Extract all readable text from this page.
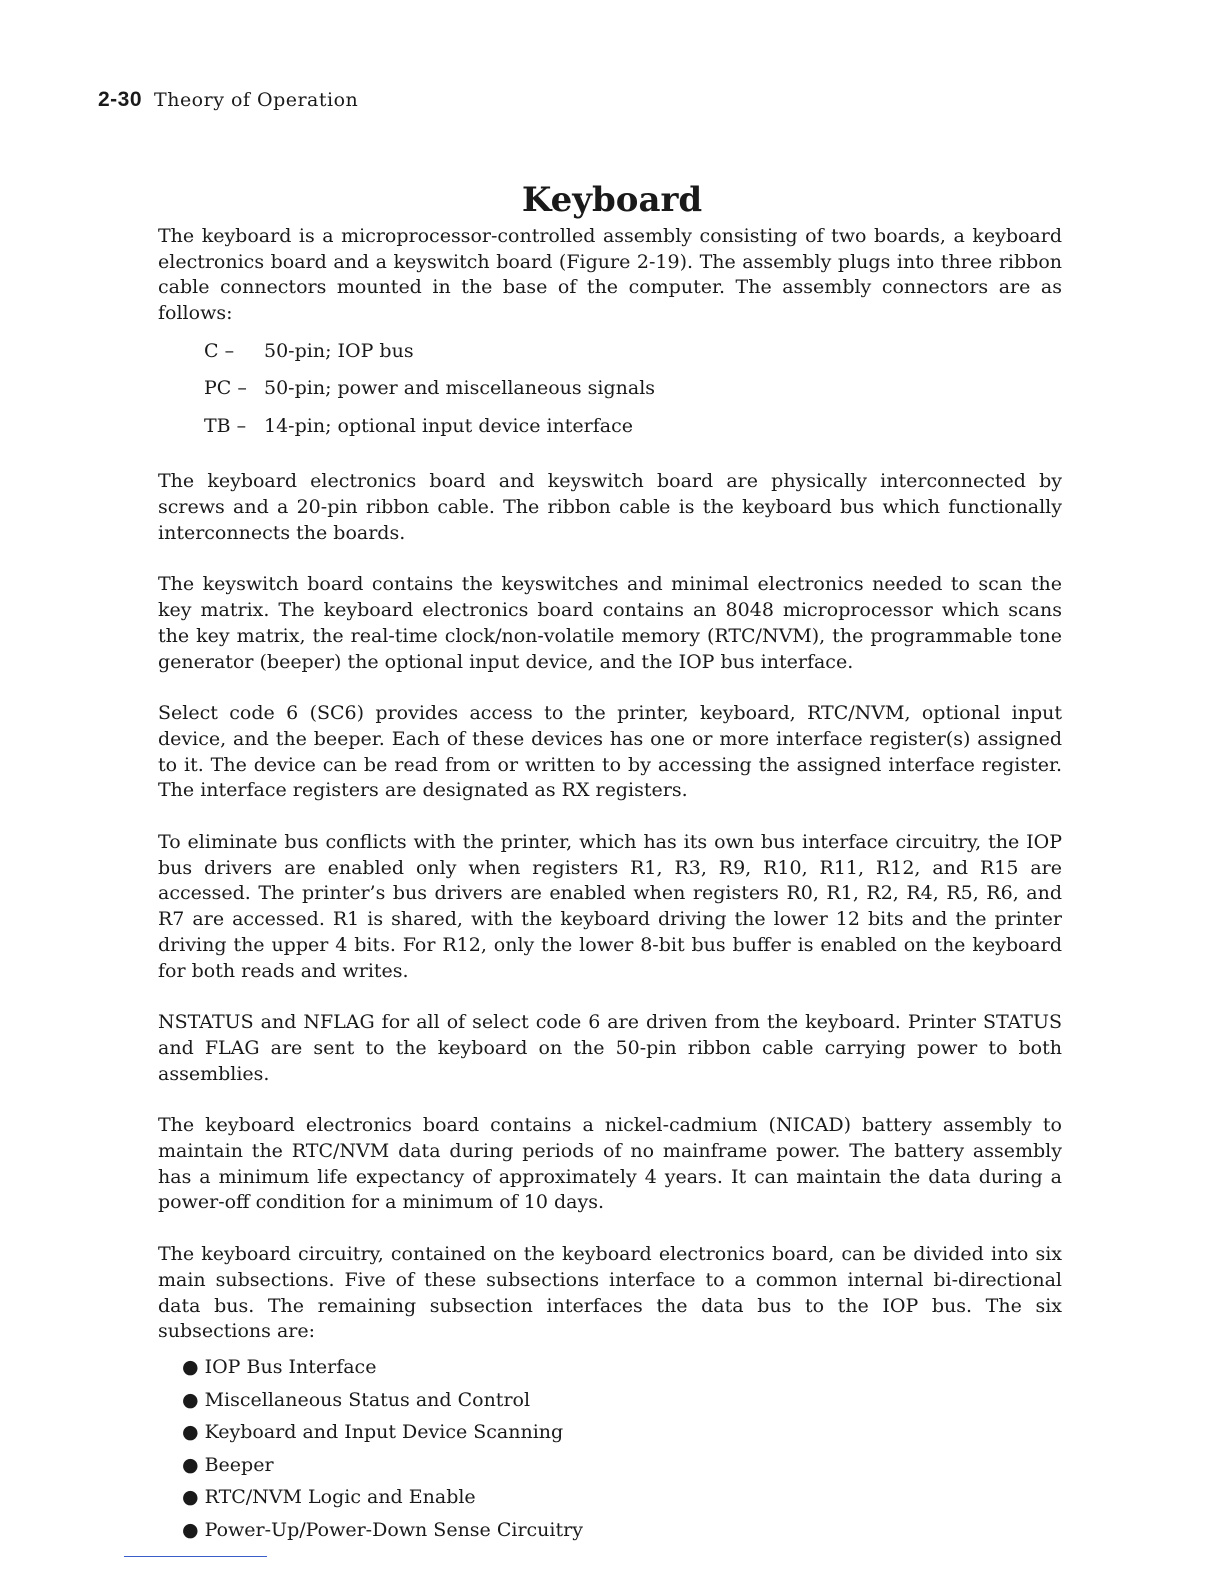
2-30 Theory of Operation
Keyboard

The keyboard is a microprocessor-controlled assembly consisting of two boards, a keyboard electronics board and a keyswitch board (Figure 2-19). The assembly plugs into three ribbon cable connectors mounted in the base of the computer. The assembly connectors are as follows:

C –	50-pin; IOP bus
PC – 50-pin; power and miscellaneous signals
TB – 14-pin; optional input device interface

The keyboard electronics board and keyswitch board are physically interconnected by screws and a 20-pin ribbon cable. The ribbon cable is the keyboard bus which functionally interconnects the boards.

The keyswitch board contains the keyswitches and minimal electronics needed to scan the key matrix. The keyboard electronics board contains an 8048 microprocessor which scans the key matrix, the real-time clock/non-volatile memory (RTC/NVM), the programmable tone generator (beeper) the optional input device, and the IOP bus interface.

Select code 6 (SC6) provides access to the printer, keyboard, RTC/NVM, optional input device, and the beeper. Each of these devices has one or more interface register(s) assigned to it. The device can be read from or written to by accessing the assigned interface register. The interface registers are designated as RX registers.

To eliminate bus conflicts with the printer, which has its own bus interface circuitry, the IOP bus drivers are enabled only when registers R1, R3, R9, R10, R11, R12, and R15 are accessed. The printer’s bus drivers are enabled when registers R0, R1, R2, R4, R5, R6, and R7 are accessed. R1 is shared, with the keyboard driving the lower 12 bits and the printer driving the upper 4 bits. For R12, only the lower 8-bit bus buffer is enabled on the keyboard for both reads and writes.

NSTATUS and NFLAG for all of select code 6 are driven from the keyboard. Printer STATUS and FLAG are sent to the keyboard on the 50-pin ribbon cable carrying power to both assemblies.

The keyboard electronics board contains a nickel-cadmium (NICAD) battery assembly to maintain the RTC/NVM data during periods of no mainframe power. The battery assembly has a minimum life expectancy of approximately 4 years. It can maintain the data during a power-off condition for a minimum of 10 days.

The keyboard circuitry, contained on the keyboard electronics board, can be divided into six main subsections. Five of these subsections interface to a common internal bi-directional data bus. The remaining subsection interfaces the data bus to the IOP bus. The six subsections are:

● IOP Bus Interface
● Miscellaneous Status and Control
● Keyboard and Input Device Scanning
● Beeper
● RTC/NVM Logic and Enable
● Power-Up/Power-Down Sense Circuitry
